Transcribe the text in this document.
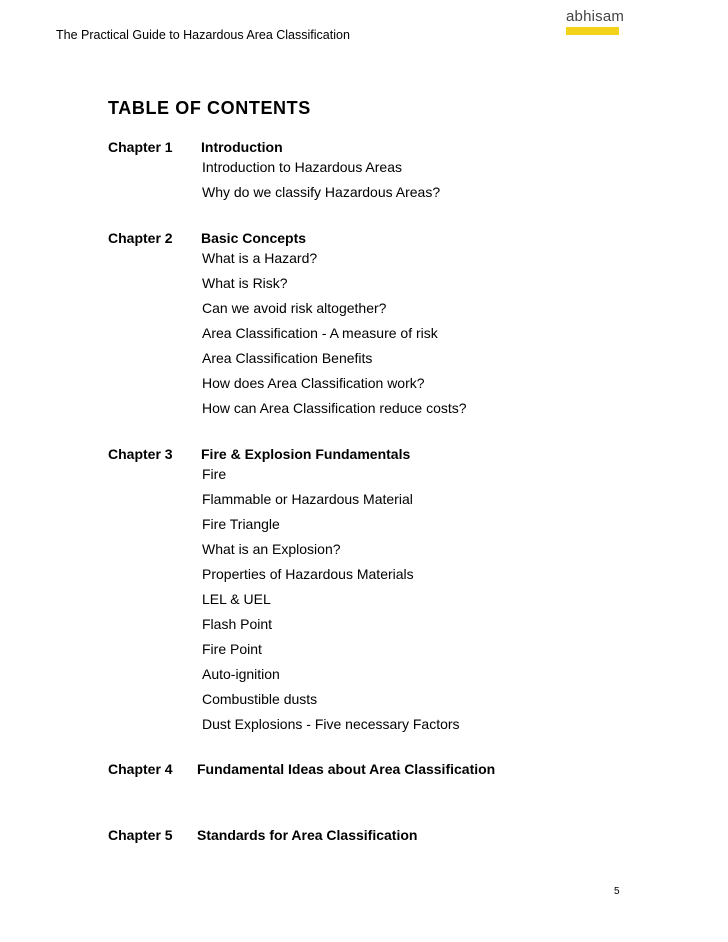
The Practical Guide to Hazardous Area Classification
abhisam
TABLE OF CONTENTS
Chapter 1 Introduction
Introduction to Hazardous Areas
Why do we classify Hazardous Areas?
Chapter 2 Basic Concepts
What is a Hazard?
What is Risk?
Can we avoid risk altogether?
Area Classification - A measure of risk
Area Classification Benefits
How does Area Classification work?
How can Area Classification reduce costs?
Chapter 3 Fire & Explosion Fundamentals
Fire
Flammable or Hazardous Material
Fire Triangle
What is an Explosion?
Properties of Hazardous Materials
LEL & UEL
Flash Point
Fire Point
Auto-ignition
Combustible dusts
Dust Explosions - Five necessary Factors
Chapter 4 Fundamental Ideas about Area Classification
Chapter 5 Standards for Area Classification
5
